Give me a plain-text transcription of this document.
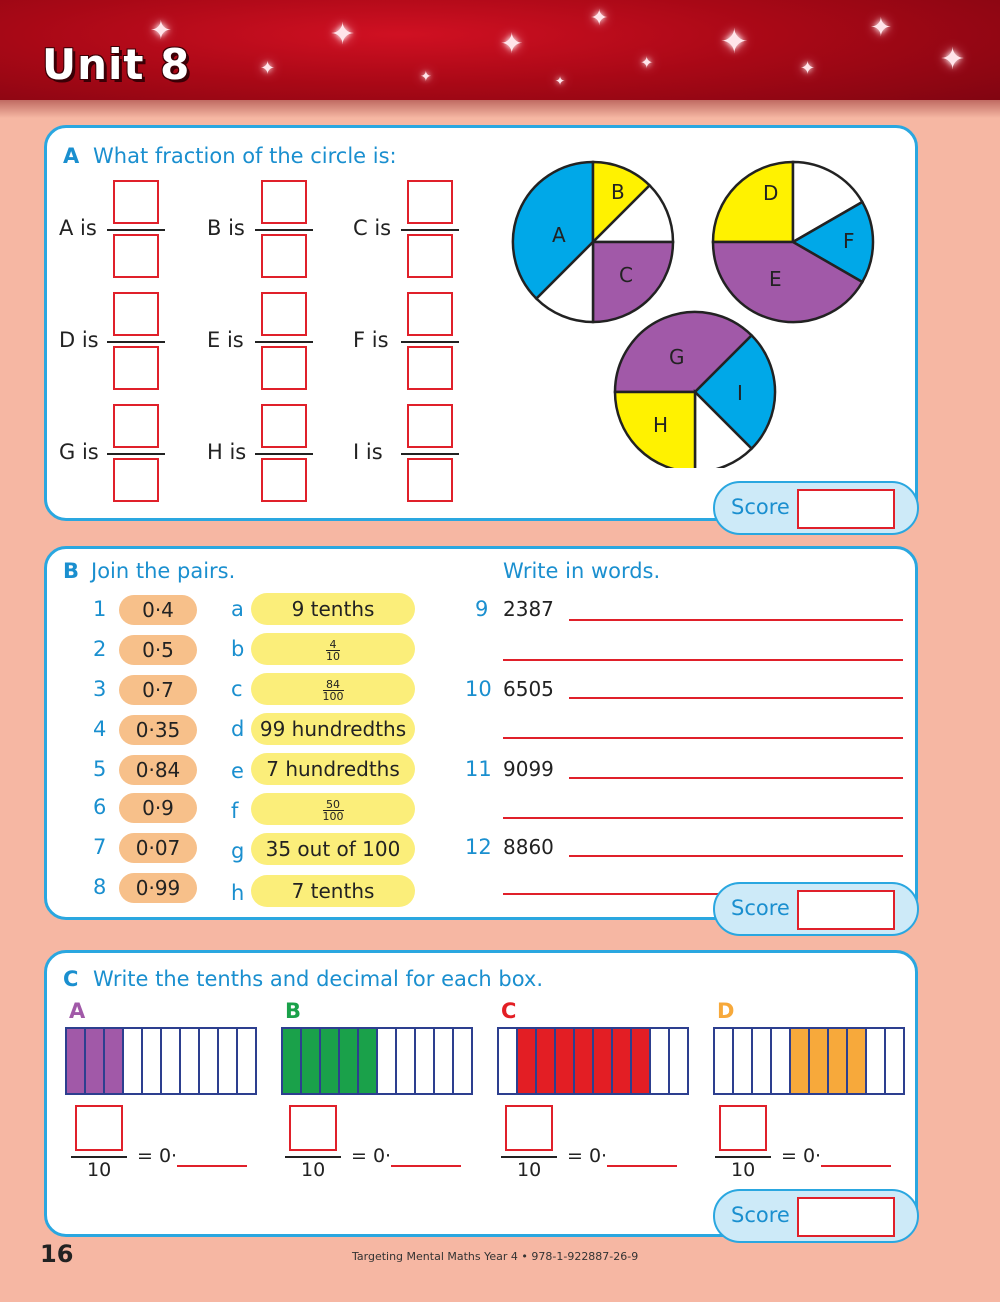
✦
✦
✦
✦
✦
✦
✦
✦
✦
✦
✦
✦
Unit 8
A What fraction of the circle is:
A is	B is	C is
D is	E is	F is
G is	H is	I is
A
B
C
D
E
F
G
H
I
Score
B Join the pairs.	Write in words.
1	0·4
2	0·5
3	0·7
4	0·35
5	0·84
6	0·9
7	0·07
8	0·99
a	9 tenths
b	$\frac{4}{10}$
c	$\frac{84}{100}$
d 99 hundredths
e	7 hundredths
f	$\frac{50}{100}$
g	35 out of 100
h	7 tenths
9 2387
10 6505
11 9099
12 8860
Score
C Write the tenths and decimal for each box.
A	B	C	D
10
= 0·
10
= 0·
10
= 0·
10
= 0·
Score
16	Targeting Mental Maths Year 4 • 978-1-922887-26-9
